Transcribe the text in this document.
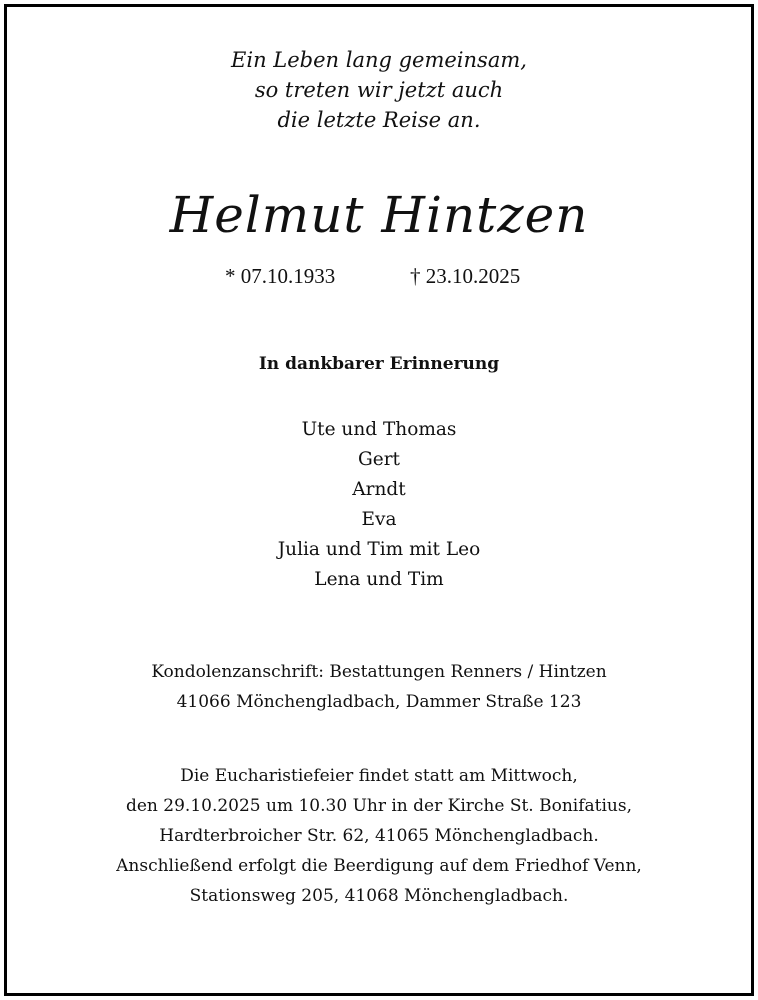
Ein Leben lang gemeinsam,
so treten wir jetzt auch
die letzte Reise an.
Helmut Hintzen
* 07.10.1933	† 23.10.2025
In dankbarer Erinnerung
Ute und Thomas
Gert
Arndt
Eva
Julia und Tim mit Leo
Lena und Tim
Kondolenzanschrift: Bestattungen Renners / Hintzen
41066 Mönchengladbach, Dammer Straße 123
Die Eucharistiefeier findet statt am Mittwoch,
den 29.10.2025 um 10.30 Uhr in der Kirche St. Bonifatius,
Hardterbroicher Str. 62, 41065 Mönchengladbach.
Anschließend erfolgt die Beerdigung auf dem Friedhof Venn,
Stationsweg 205, 41068 Mönchengladbach.
